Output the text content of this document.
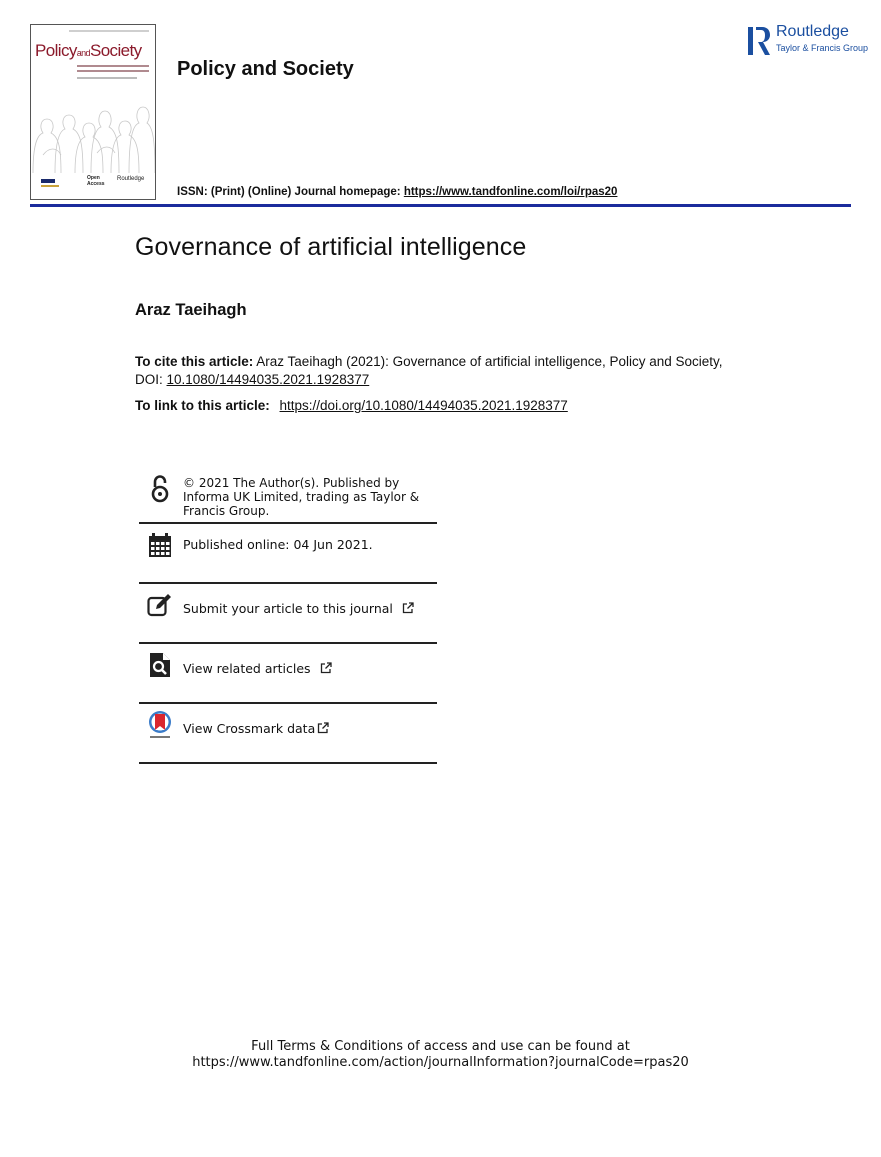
PolicyandSociety
Open Access
Routledge
Policy and Society
Routledge
Taylor & Francis Group
ISSN: (Print) (Online) Journal homepage: https://www.tandfonline.com/loi/rpas20
Governance of artificial intelligence
Araz Taeihagh
To cite this article: Araz Taeihagh (2021): Governance of artificial intelligence, Policy and Society,
DOI: 10.1080/14494035.2021.1928377
To link to this article: https://doi.org/10.1080/14494035.2021.1928377
© 2021 The Author(s). Published by Informa UK Limited, trading as Taylor & Francis Group.
Published online: 04 Jun 2021.
Submit your article to this journal
View related articles
View Crossmark data
Full Terms & Conditions of access and use can be found at
https://www.tandfonline.com/action/journalInformation?journalCode=rpas20
